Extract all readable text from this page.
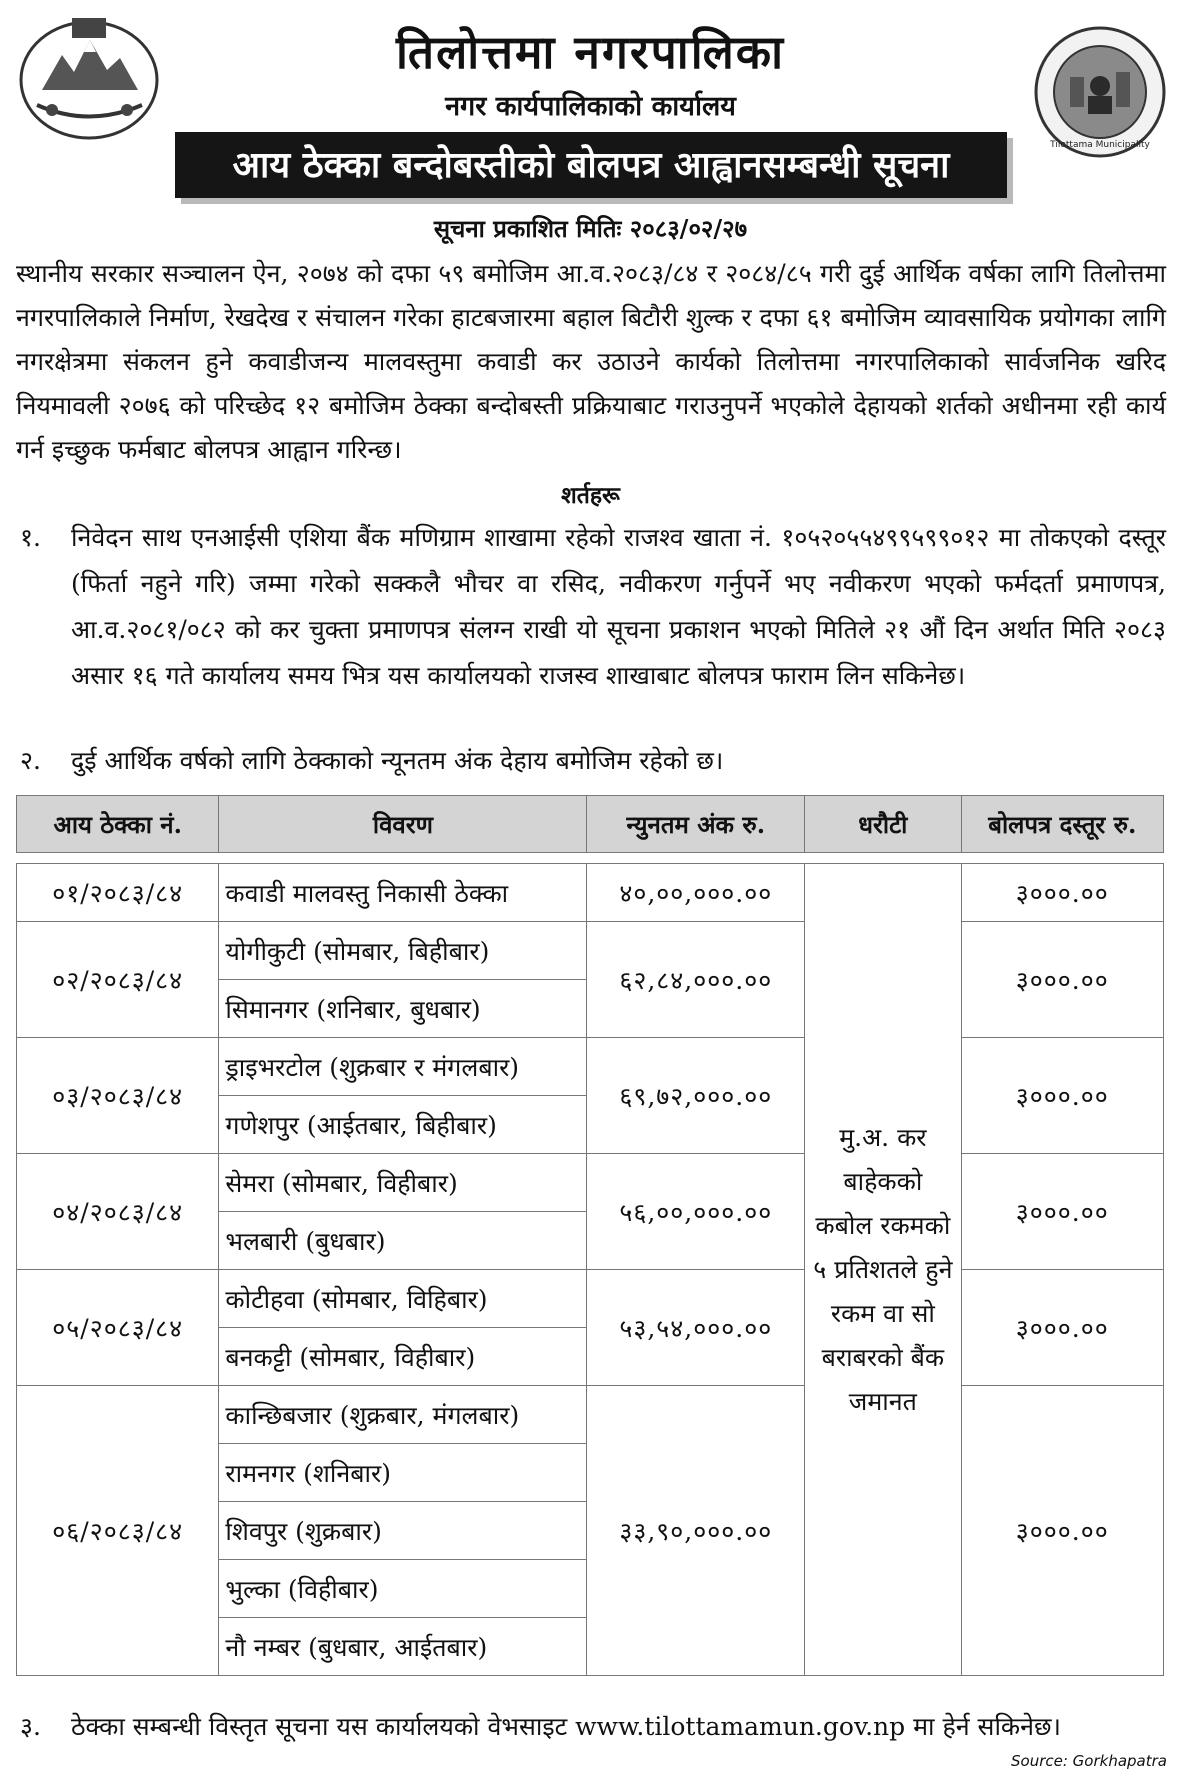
Tilottama Municipality
तिलोत्तमा नगरपालिका
नगर कार्यपालिकाको कार्यालय
आय ठेक्का बन्दोबस्तीको बोलपत्र आह्वानसम्बन्धी सूचना
सूचना प्रकाशित मितिः २०८३/०२/२७
स्थानीय सरकार सञ्चालन ऐन, २०७४ को दफा ५९ बमोजिम आ.व.२०८३/८४ र २०८४/८५ गरी दुई आर्थिक वर्षका लागि तिलोत्तमा नगरपालिकाले निर्माण, रेखदेख र संचालन गरेका हाटबजारमा बहाल बिटौरी शुल्क र दफा ६१ बमोजिम व्यावसायिक प्रयोगका लागि नगरक्षेत्रमा संकलन हुने कवाडीजन्य मालवस्तुमा कवाडी कर उठाउने कार्यको तिलोत्तमा नगरपालिकाको सार्वजनिक खरिद नियमावली २०७६ को परिच्छेद १२ बमोजिम ठेक्का बन्दोबस्ती प्रक्रियाबाट गराउनुपर्ने भएकोले देहायको शर्तको अधीनमा रही कार्य गर्न इच्छुक फर्मबाट बोलपत्र आह्वान गरिन्छ।
शर्तहरू
१. निवेदन साथ एनआईसी एशिया बैंक मणिग्राम शाखामा रहेको राजश्व खाता नं. १०५२०५५४९९५९९०१२ मा तोकएको दस्तूर (फिर्ता नहुने गरि) जम्मा गरेको सक्कलै भौचर वा रसिद, नवीकरण गर्नुपर्ने भए नवीकरण भएको फर्मदर्ता प्रमाणपत्र, आ.व.२०८१/०८२ को कर चुक्ता प्रमाणपत्र संलग्न राखी यो सूचना प्रकाशन भएको मितिले २१ औं दिन अर्थात मिति २०८३ असार १६ गते कार्यालय समय भित्र यस कार्यालयको राजस्व शाखाबाट बोलपत्र फाराम लिन सकिनेछ।
२. दुई आर्थिक वर्षको लागि ठेक्काको न्यूनतम अंक देहाय बमोजिम रहेको छ।
आय ठेक्का नं.	विवरण	न्युनतम अंक रु.	धरौटी	बोलपत्र दस्तूर रु.

०१/२०८३/८४	कवाडी मालवस्तु निकासी ठेक्का	४०,००,०००.००	मु.अ. कर बाहेकको कबोल रकमको ५ प्रतिशतले हुने रकम वा सो बराबरको बैंक जमानत	३०००.००
०२/२०८३/८४	योगीकुटी (सोमबार, बिहीबार)	६२,८४,०००.००		३०००.००
	सिमानगर (शनिबार, बुधबार)			
०३/२०८३/८४	ड्राइभरटोल (शुक्रबार र मंगलबार)	६९,७२,०००.००		३०००.००
	गणेशपुर (आईतबार, बिहीबार)			
०४/२०८३/८४	सेमरा (सोमबार, विहीबार)	५६,००,०००.००		३०००.००
	भलबारी (बुधबार)			
०५/२०८३/८४	कोटीहवा (सोमबार, विहिबार)	५३,५४,०००.००		३०००.००
	बनकट्टी (सोमबार, विहीबार)			
०६/२०८३/८४	कान्छिबजार (शुक्रबार, मंगलबार)	३३,९०,०००.००		३०००.००
	रामनगर (शनिबार)			
	शिवपुर (शुक्रबार)			
	भुल्का (विहीबार)			
	नौ नम्बर (बुधबार, आईतबार)			
३. ठेक्का सम्बन्धी विस्तृत सूचना यस कार्यालयको वेभसाइट www.tilottamamun.gov.np मा हेर्न सकिनेछ।
Source: Gorkhapatra
